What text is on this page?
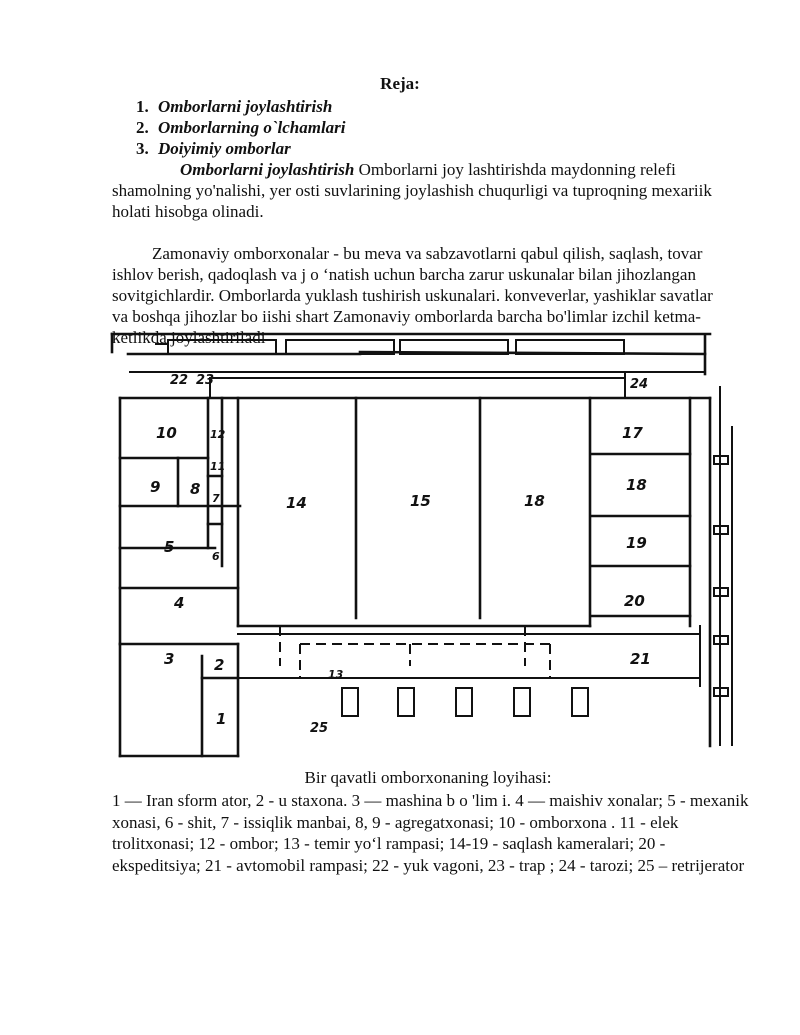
Reja:
1. Omborlarni joylashtirish
2. Omborlarning o`lchamlari
3. Doiyimiy omborlar
Omborlarni joylashtirish Omborlarni joy lashtirishda maydonning relefi shamolning yo'nalishi, yer osti suvlarining joylashish chuqurligi va tuproqning mexariik holati hisobga olinadi.
Zamonaviy omborxonalar - bu meva va sabzavotlarni qabul qilish, saqlash, tovar ishlov berish, qadoqlash va j o ‘natish uchun barcha zarur uskunalar bilan jihozlangan sovitgichlardir. Omborlarda yuklash tushirish uskunalari. konveverlar, yashiklar savatlar va boshqa jihozlar bo iishi shart Zamonaviy omborlarda barcha bo'limlar izchil ketma- ketlikda joylashtiriladi
10
9 8
12
11
7
6
5
4
3	2
1
14	15	18
17
18
19
20
21
22 23	24
25
13
Bir qavatli omborxonaning loyihasi:
1 — Iran sform ator, 2 - u staxona. 3 — mashina b o 'lim i. 4 — maishiv xonalar; 5 - mexanik xonasi, 6 - shit, 7 - issiqlik manbai, 8, 9 - agregatxonasi; 10 - omborxona . 11 - elek trolitxonasi; 12 - ombor; 13 - temir yo‘l rampasi; 14-19 - saqlash kameralari; 20 - ekspeditsiya; 21 - avtomobil rampasi; 22 - yuk vagoni, 23 - trap ; 24 - tarozi; 25 – retrijerator
